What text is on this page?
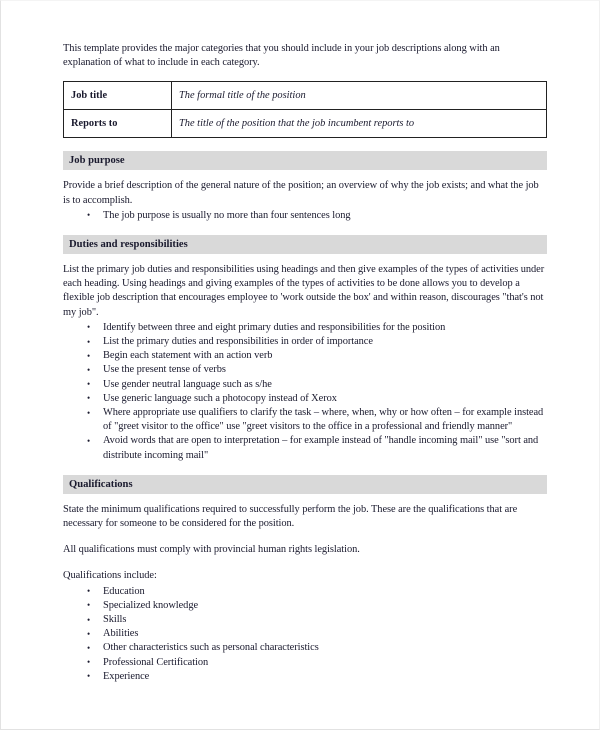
This template provides the major categories that you should include in your job descriptions along with an explanation of what to include in each category.

Job title	The formal title of the position
Reports to	The title of the position that the job incumbent reports to
Job purpose

Provide a brief description of the general nature of the position; an overview of why the job exists; and what the job is to accomplish.

• The job purpose is usually no more than four sentences long
Duties and responsibilities

List the primary job duties and responsibilities using headings and then give examples of the types of activities under each heading. Using headings and giving examples of the types of activities to be done allows you to develop a flexible job description that encourages employee to 'work outside the box' and within reason, discourages "that's not my job".

• Identify between three and eight primary duties and responsibilities for the position
• List the primary duties and responsibilities in order of importance
• Begin each statement with an action verb
• Use the present tense of verbs
• Use gender neutral language such as s/he
• Use generic language such a photocopy instead of Xerox
• Where appropriate use qualifiers to clarify the task – where, when, why or how often – for example instead of "greet visitor to the office" use "greet visitors to the office in a professional and friendly manner"
• Avoid words that are open to interpretation – for example instead of "handle incoming mail" use "sort and distribute incoming mail"
Qualifications

State the minimum qualifications required to successfully perform the job. These are the qualifications that are necessary for someone to be considered for the position.

All qualifications must comply with provincial human rights legislation.

Qualifications include:

• Education
• Specialized knowledge
• Skills
• Abilities
• Other characteristics such as personal characteristics
• Professional Certification
• Experience
